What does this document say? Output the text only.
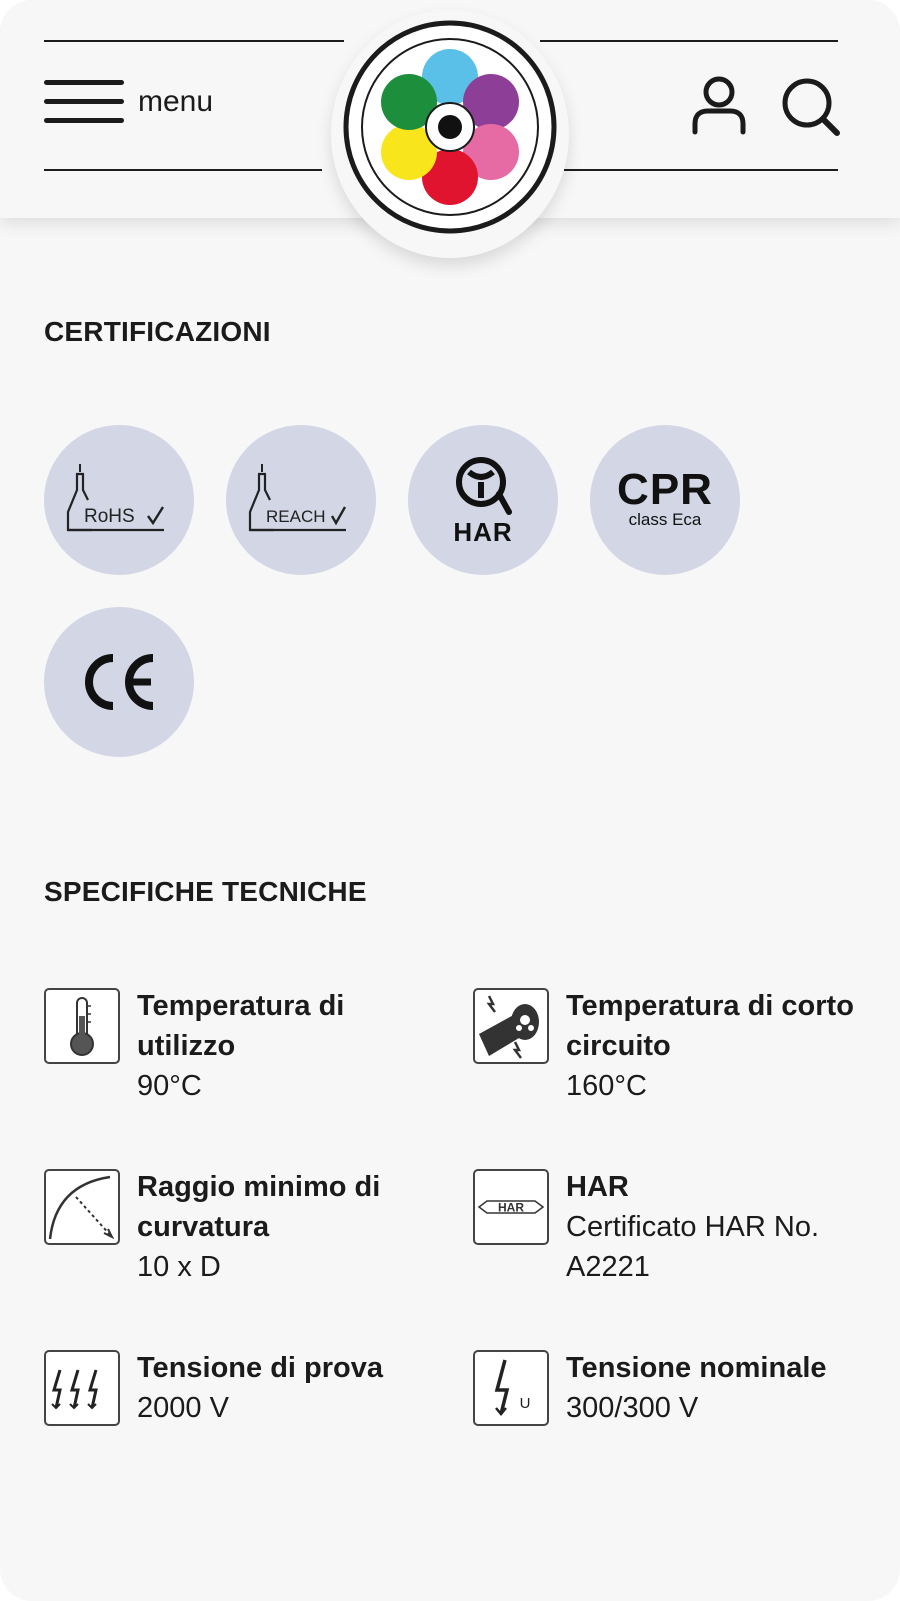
menu
CERTIFICAZIONI
RoHS	REACH
HAR
CPR
class Eca
SPECIFICHE TECNICHE
Temperatura di utilizzo
90°C
Temperatura di corto circuito
160°C
Raggio minimo di curvatura
10 x D
HAR
HAR
Certificato HAR No. A2221
Tensione di prova
2000 V	U
Tensione nominale
300/300 V
